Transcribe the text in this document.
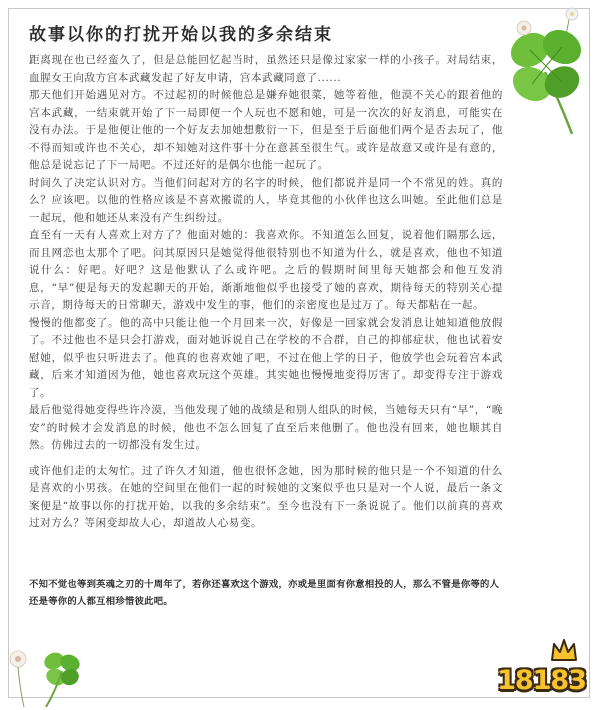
故事以你的打扰开始以我的多余结束

距离现在也已经蛮久了，但是总能回忆起当时，虽然还只是像过家家一样的小孩子。对局结束，血腥女王向敌方宫本武藏发起了好友申请，宫本武藏同意了......

那天他们开始遇见对方。不过起初的时候他总是嫌弃她很菜，她等着他，他漠不关心的跟着他的宫本武藏，一结束就开始了下一局即便一个人玩也不愿和她，可是一次次的好友消息，可能实在没有办法。于是他便让他的一个好友去加她想敷衍一下，但是至于后面他们两个是否去玩了，他不得而知或许也不关心，却不知她对这件事十分在意甚至很生气。或许是故意又或许是有意的，他总是说忘记了下一局吧。不过还好的是偶尔也能一起玩了。

时间久了决定认识对方。当他们问起对方的名字的时候，他们都说并是同一个不常见的姓。真的么？应该吧。以他的性格应该是不喜欢搬谎的人，毕竟其他的小伙伴也这么叫她。至此他们总是一起玩，他和她还从来没有产生纠纷过。

直至有一天有人喜欢上对方了？他面对她的：我喜欢你。不知道怎么回复，说着他们隔那么远，而且网恋也太那个了吧。问其原因只是她觉得他很特别也不知道为什么，就是喜欢，他也不知道说什么：好吧。好吧？这是他默认了么或许吧。之后的假期时间里每天她都会和他互发消息，“早”便是每天的发起聊天的开始，渐渐地他似乎也接受了她的喜欢，期待每天的特别关心提示音，期待每天的日常聊天，游戏中发生的事，他们的亲密度也是过万了。每天都粘在一起。

慢慢的他都变了。他的高中只能让他一个月回来一次，好像是一回家就会发消息让她知道他放假了。不过他也不是只会打游戏，面对她诉说自己在学校的不合群，自己的抑郁症状，他也试着安慰她，似乎也只听进去了。他真的也喜欢她了吧，不过在他上学的日子，他放学也会玩着宫本武藏，后来才知道因为他，她也喜欢玩这个英雄。其实她也慢慢地变得厉害了。却变得专注于游戏了。

最后他觉得她变得些许冷漠，当他发现了她的战绩是和别人组队的时候，当她每天只有“早”，“晚安”的时候才会发消息的时候，他也不怎么回复了直至后来他删了。他也没有回来，她也顺其自然。仿佛过去的一切都没有发生过。

或许他们走的太匆忙。过了许久才知道，他也很怀念她，因为那时候的他只是一个不知道的什么是喜欢的小男孩。在她的空间里在他们一起的时候她的文案似乎也只是对一个人说，最后一条文案便是“故事以你的打扰开始，以我的多余结束”。至今也没有下一条说说了。他们以前真的喜欢过对方么？等闲变却故人心，却道故人心易变。

不知不觉也等到英魂之刃的十周年了，若你还喜欢这个游戏，亦或是里面有你意相投的人，那么不管是你等的人还是等你的人都互相珍惜彼此吧。

18183
